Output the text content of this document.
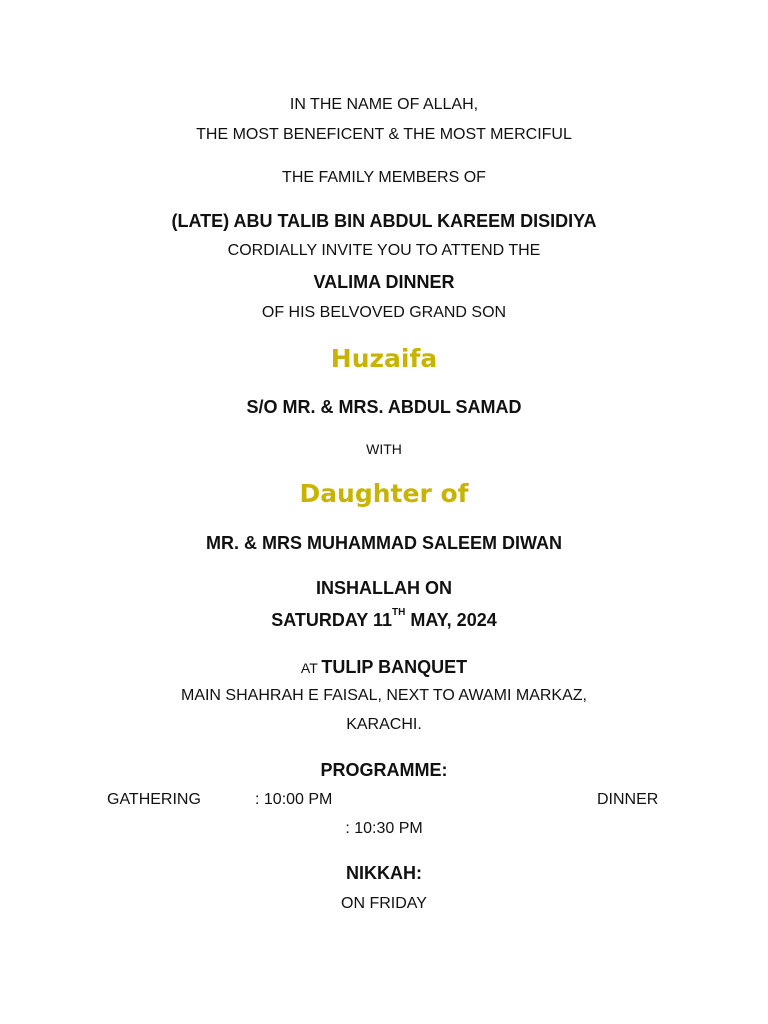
IN THE NAME OF ALLAH,
THE MOST BENEFICENT & THE MOST MERCIFUL
THE FAMILY MEMBERS OF
(LATE) ABU TALIB BIN ABDUL KAREEM DISIDIYA
CORDIALLY INVITE YOU TO ATTEND THE
VALIMA DINNER
OF HIS BELVOVED GRAND SON
Huzaifa
S/O MR. & MRS. ABDUL SAMAD
WITH
Daughter of
MR. & MRS MUHAMMAD SALEEM DIWAN
INSHALLAH ON
SATURDAY 11TH MAY, 2024
AT TULIP BANQUET
MAIN SHAHRAH E FAISAL, NEXT TO AWAMI MARKAZ,
KARACHI.
PROGRAMME:
GATHERING	: 10:00 PM	DINNER
: 10:30 PM
NIKKAH:
ON FRIDAY
